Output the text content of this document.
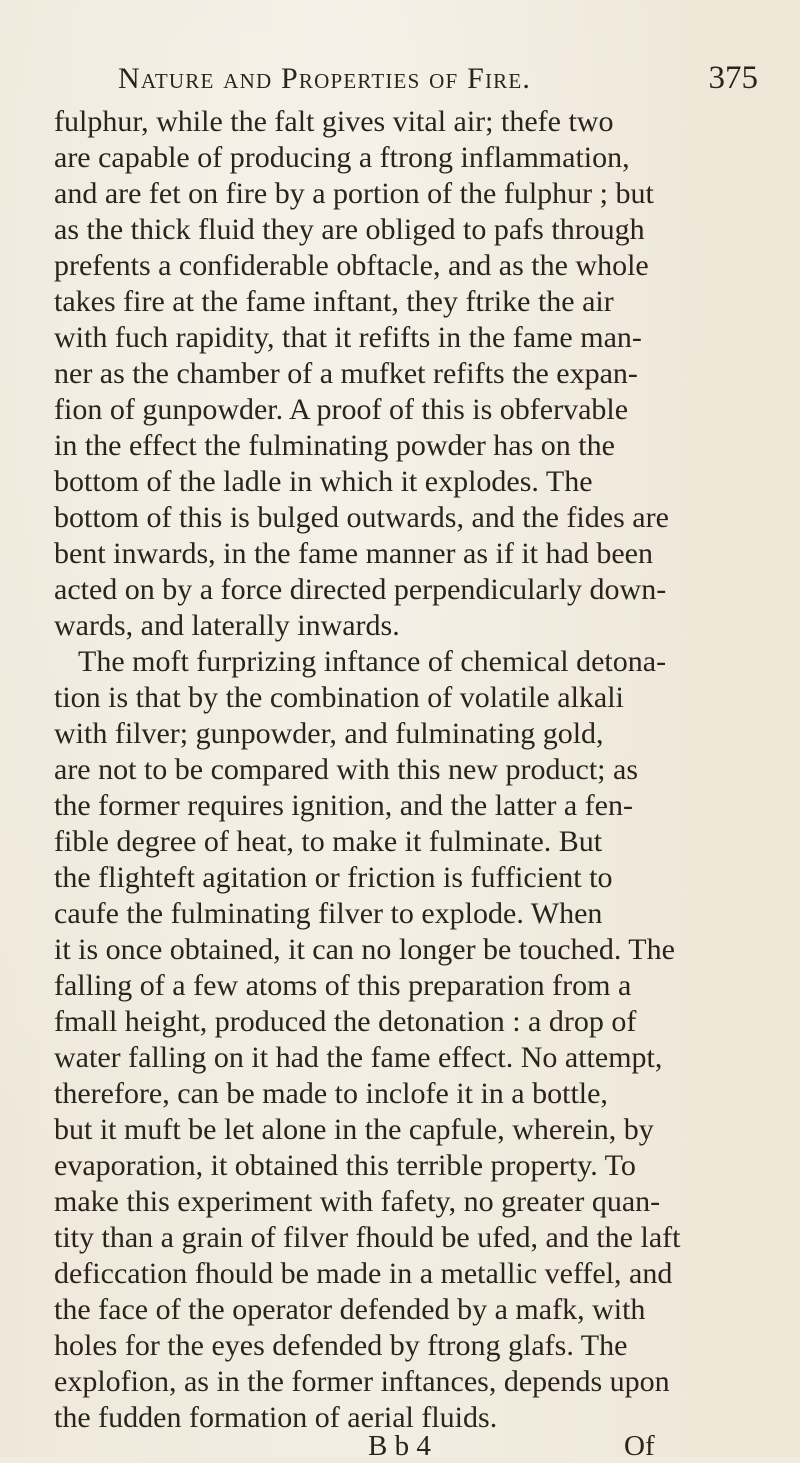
Nature and Properties of Fire.	375
fulphur, while the falt gives vital air; thefe two
are capable of producing a ftrong inflammation,
and are fet on fire by a portion of the fulphur ; but
as the thick fluid they are obliged to pafs through
prefents a confiderable obftacle, and as the whole
takes fire at the fame inftant, they ftrike the air
with fuch rapidity, that it refifts in the fame man-
ner as the chamber of a mufket refifts the expan-
fion of gunpowder. A proof of this is obfervable
in the effect the fulminating powder has on the
bottom of the ladle in which it explodes. The
bottom of this is bulged outwards, and the fides are
bent inwards, in the fame manner as if it had been
acted on by a force directed perpendicularly down-
wards, and laterally inwards.
The moft furprizing inftance of chemical detona-
tion is that by the combination of volatile alkali
with filver; gunpowder, and fulminating gold,
are not to be compared with this new product; as
the former requires ignition, and the latter a fen-
fible degree of heat, to make it fulminate. But
the flighteft agitation or friction is fufficient to
caufe the fulminating filver to explode. When
it is once obtained, it can no longer be touched. The
falling of a few atoms of this preparation from a
fmall height, produced the detonation : a drop of
water falling on it had the fame effect. No attempt,
therefore, can be made to inclofe it in a bottle,
but it muft be let alone in the capfule, wherein, by
evaporation, it obtained this terrible property. To
make this experiment with fafety, no greater quan-
tity than a grain of filver fhould be ufed, and the laft
deficcation fhould be made in a metallic veffel, and
the face of the operator defended by a mafk, with
holes for the eyes defended by ftrong glafs. The
explofion, as in the former inftances, depends upon
the fudden formation of aerial fluids.
B b 4	Of
